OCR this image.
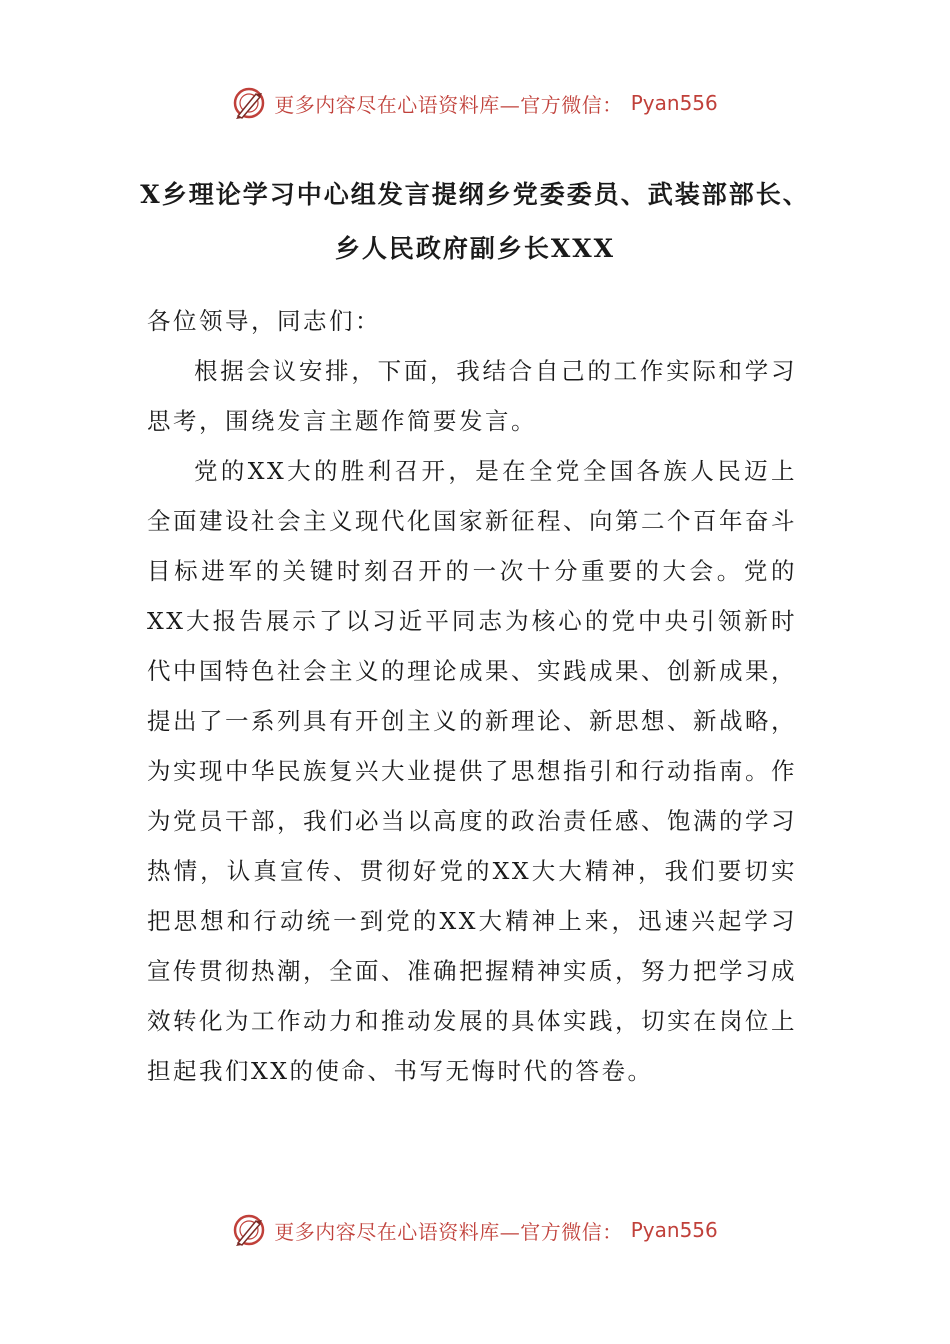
更多内容尽在心语资料库—官方微信： Pyan556
X乡理论学习中心组发言提纲乡党委委员、武装部部长、乡人民政府副乡长XXX

各位领导，同志们：

根据会议安排，下面，我结合自己的工作实际和学习思考，围绕发言主题作简要发言。

党的XX大的胜利召开，是在全党全国各族人民迈上全面建设社会主义现代化国家新征程、向第二个百年奋斗目标进军的关键时刻召开的一次十分重要的大会。党的XX大报告展示了以习近平同志为核心的党中央引领新时代中国特色社会主义的理论成果、实践成果、创新成果，提出了一系列具有开创主义的新理论、新思想、新战略，为实现中华民族复兴大业提供了思想指引和行动指南。作为党员干部，我们必当以高度的政治责任感、饱满的学习热情，认真宣传、贯彻好党的XX大大精神，我们要切实把思想和行动统一到党的XX大精神上来，迅速兴起学习宣传贯彻热潮，全面、准确把握精神实质，努力把学习成效转化为工作动力和推动发展的具体实践，切实在岗位上担起我们XX的使命、书写无悔时代的答卷。

更多内容尽在心语资料库—官方微信： Pyan556
